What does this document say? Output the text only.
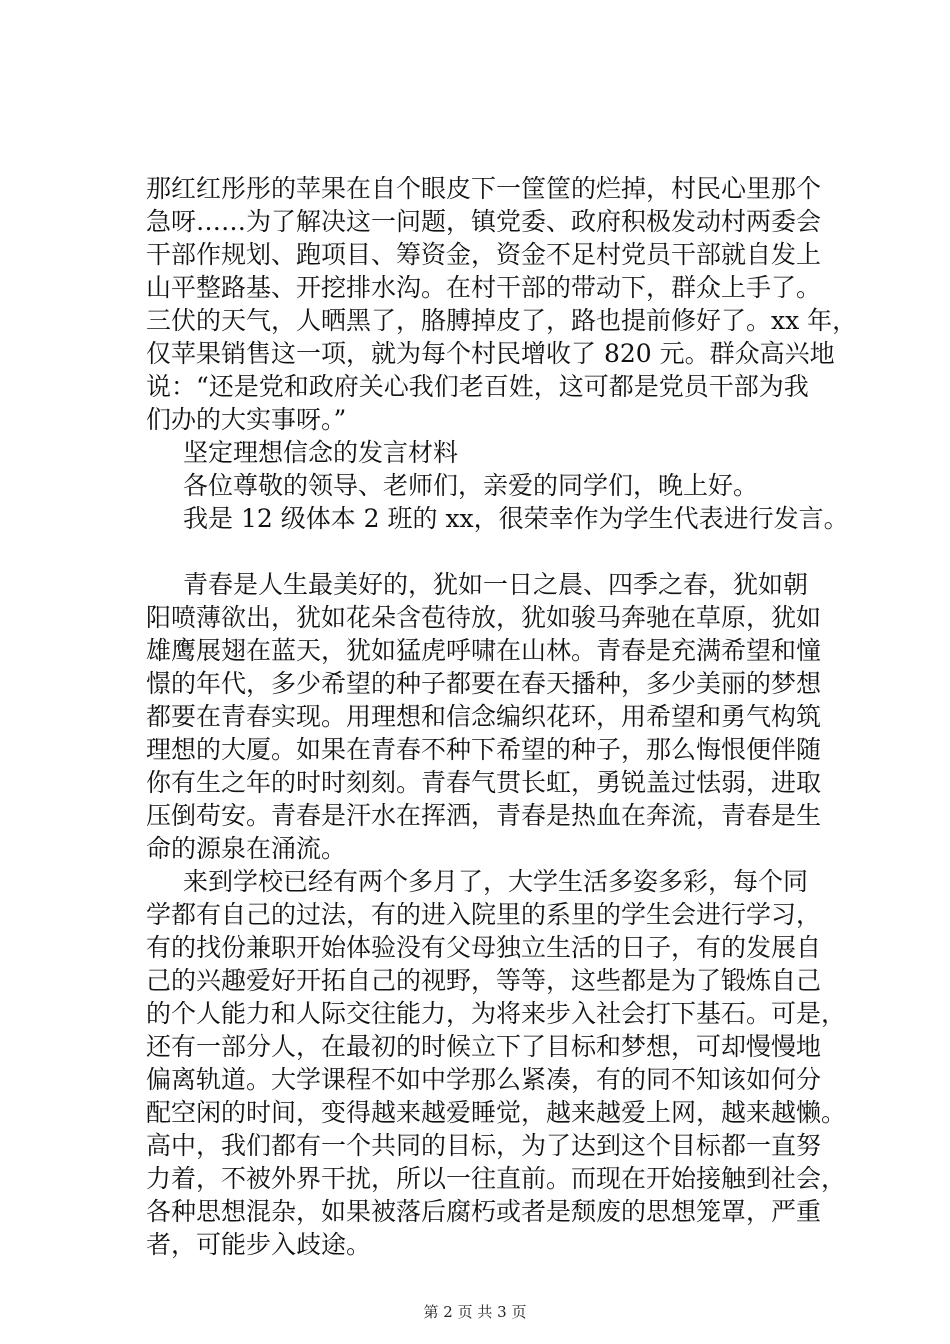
那红红彤彤的苹果在自个眼皮下一筐筐的烂掉，村民心里那个
急呀……为了解决这一问题，镇党委、政府积极发动村两委会
干部作规划、跑项目、筹资金，资金不足村党员干部就自发上
山平整路基、开挖排水沟。在村干部的带动下，群众上手了。
三伏的天气，人晒黑了，胳膊掉皮了，路也提前修好了。xx 年，
仅苹果销售这一项，就为每个村民增收了 820 元。群众高兴地
说：“还是党和政府关心我们老百姓，这可都是党员干部为我
们办的大实事呀。”
坚定理想信念的发言材料
各位尊敬的领导、老师们，亲爱的同学们，晚上好。
我是 12 级体本 2 班的 xx，很荣幸作为学生代表进行发言。
青春是人生最美好的，犹如一日之晨、四季之春，犹如朝
阳喷薄欲出，犹如花朵含苞待放，犹如骏马奔驰在草原，犹如
雄鹰展翅在蓝天，犹如猛虎呼啸在山林。青春是充满希望和憧
憬的年代，多少希望的种子都要在春天播种，多少美丽的梦想
都要在青春实现。用理想和信念编织花环，用希望和勇气构筑
理想的大厦。如果在青春不种下希望的种子，那么悔恨便伴随
你有生之年的时时刻刻。青春气贯长虹，勇锐盖过怯弱，进取
压倒苟安。青春是汗水在挥洒，青春是热血在奔流，青春是生
命的源泉在涌流。
来到学校已经有两个多月了，大学生活多姿多彩，每个同
学都有自己的过法，有的进入院里的系里的学生会进行学习，
有的找份兼职开始体验没有父母独立生活的日子，有的发展自
己的兴趣爱好开拓自己的视野，等等，这些都是为了锻炼自己
的个人能力和人际交往能力，为将来步入社会打下基石。可是，
还有一部分人，在最初的时候立下了目标和梦想，可却慢慢地
偏离轨道。大学课程不如中学那么紧凑，有的同不知该如何分
配空闲的时间，变得越来越爱睡觉，越来越爱上网，越来越懒。
高中，我们都有一个共同的目标，为了达到这个目标都一直努
力着，不被外界干扰，所以一往直前。而现在开始接触到社会，
各种思想混杂，如果被落后腐朽或者是颓废的思想笼罩，严重
者，可能步入歧途。
第 2 页 共 3 页
